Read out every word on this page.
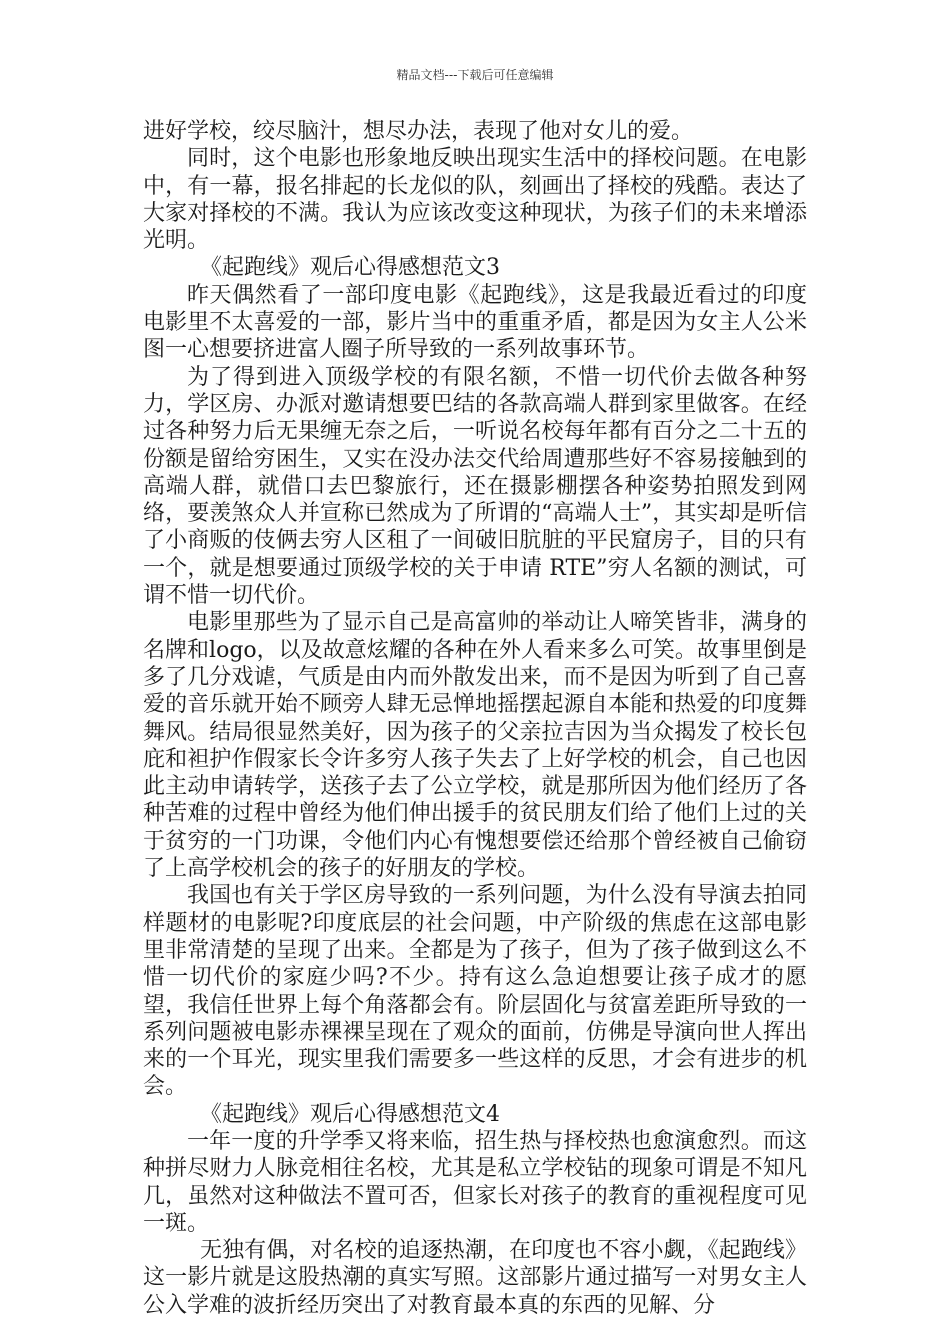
精品文档---下载后可任意编辑

进好学校，绞尽脑汁，想尽办法，表现了他对女儿的爱。

同时，这个电影也形象地反映出现实生活中的择校问题。在电影中，有一幕，报名排起的长龙似的队，刻画出了择校的残酷。表达了大家对择校的不满。我认为应该改变这种现状，为孩子们的未来增添光明。

《起跑线》观后心得感想范文3

昨天偶然看了一部印度电影《起跑线》，这是我最近看过的印度电影里不太喜爱的一部，影片当中的重重矛盾，都是因为女主人公米图一心想要挤进富人圈子所导致的一系列故事环节。

为了得到进入顶级学校的有限名额，不惜一切代价去做各种努力，学区房、办派对邀请想要巴结的各款高端人群到家里做客。在经过各种努力后无果缠无奈之后，一听说名校每年都有百分之二十五的份额是留给穷困生，又实在没办法交代给周遭那些好不容易接触到的高端人群，就借口去巴黎旅行，还在摄影棚摆各种姿势拍照发到网络，要羡煞众人并宣称已然成为了所谓的“高端人士”，其实却是听信了小商贩的伎俩去穷人区租了一间破旧肮脏的平民窟房子，目的只有一个，就是想要通过顶级学校的关于申请 RTE”穷人名额的测试，可谓不惜一切代价。

电影里那些为了显示自己是高富帅的举动让人啼笑皆非，满身的名牌和logo，以及故意炫耀的各种在外人看来多么可笑。故事里倒是多了几分戏谑，气质是由内而外散发出来，而不是因为听到了自己喜爱的音乐就开始不顾旁人肆无忌惮地摇摆起源自本能和热爱的印度舞舞风。结局很显然美好，因为孩子的父亲拉吉因为当众揭发了校长包庇和袒护作假家长令许多穷人孩子失去了上好学校的机会，自己也因此主动申请转学，送孩子去了公立学校，就是那所因为他们经历了各种苦难的过程中曾经为他们伸出援手的贫民朋友们给了他们上过的关于贫穷的一门功课，令他们内心有愧想要偿还给那个曾经被自己偷窃了上高学校机会的孩子的好朋友的学校。

我国也有关于学区房导致的一系列问题，为什么没有导演去拍同样题材的电影呢?印度底层的社会问题，中产阶级的焦虑在这部电影里非常清楚的呈现了出来。全都是为了孩子，但为了孩子做到这么不惜一切代价的家庭少吗?不少。持有这么急迫想要让孩子成才的愿望，我信任世界上每个角落都会有。阶层固化与贫富差距所导致的一系列问题被电影赤裸裸呈现在了观众的面前，仿佛是导演向世人挥出来的一个耳光，现实里我们需要多一些这样的反思，才会有进步的机会。

《起跑线》观后心得感想范文4

一年一度的升学季又将来临，招生热与择校热也愈演愈烈。而这种拼尽财力人脉竞相往名校，尤其是私立学校钻的现象可谓是不知凡几，虽然对这种做法不置可否，但家长对孩子的教育的重视程度可见一斑。

无独有偶，对名校的追逐热潮，在印度也不容小觑，《起跑线》这一影片就是这股热潮的真实写照。这部影片通过描写一对男女主人公入学难的波折经历突出了对教育最本真的东西的见解、分
